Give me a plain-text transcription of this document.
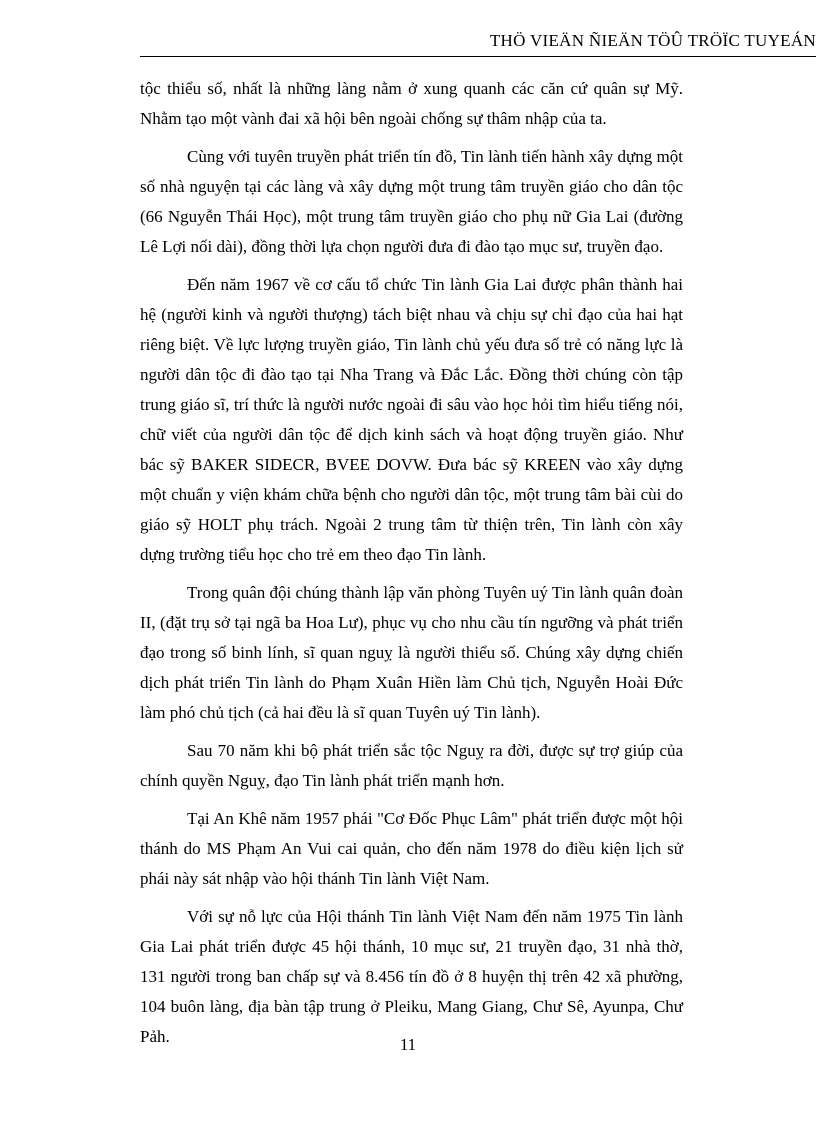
THÖ VIEÄN ÑIEÄN TÖÛ TRÖÏC TUYEÁN

tộc thiểu số, nhất là những làng nằm ở xung quanh các căn cứ quân sự Mỹ. Nhằm tạo một vành đai xã hội bên ngoài chống sự thâm nhập của ta.

Cùng với tuyên truyền phát triển tín đồ, Tin lành tiến hành xây dựng một số nhà nguyện tại các làng và xây dựng một trung tâm truyền giáo cho dân tộc (66 Nguyễn Thái Học), một trung tâm truyền giáo cho phụ nữ Gia Lai (đường Lê Lợi nối dài), đồng thời lựa chọn người đưa đi đào tạo mục sư, truyền đạo.

Đến năm 1967 về cơ cấu tổ chức Tin lành Gia Lai được phân thành hai hệ (người kinh và người thượng) tách biệt nhau và chịu sự chỉ đạo của hai hạt riêng biệt. Về lực lượng truyền giáo, Tin lành chủ yếu đưa số trẻ có năng lực là người dân tộc đi đào tạo tại Nha Trang và Đắc Lắc. Đồng thời chúng còn tập trung giáo sĩ, trí thức là người nước ngoài đi sâu vào học hỏi tìm hiểu tiếng nói, chữ viết của người dân tộc để dịch kinh sách và hoạt động truyền giáo. Như bác sỹ BAKER SIDECR, BVEE DOVW. Đưa bác sỹ KREEN vào xây dựng một chuẩn y viện khám chữa bệnh cho người dân tộc, một trung tâm bài cùi do giáo sỹ HOLT phụ trách. Ngoài 2 trung tâm từ thiện trên, Tin lành còn xây dựng trường tiểu học cho trẻ em theo đạo Tin lành.

Trong quân đội chúng thành lập văn phòng Tuyên uý Tin lành quân đoàn II, (đặt trụ sở tại ngã ba Hoa Lư), phục vụ cho nhu cầu tín ngưỡng và phát triển đạo trong số binh lính, sĩ quan nguỵ là người thiểu số. Chúng xây dựng chiến dịch phát triển Tin lành do Phạm Xuân Hiền làm Chủ tịch, Nguyễn Hoài Đức làm phó chủ tịch (cả hai đều là sĩ quan Tuyên uý Tin lành).

Sau 70 năm khi bộ phát triển sắc tộc Nguỵ ra đời, được sự trợ giúp của chính quyền Nguỵ, đạo Tin lành phát triển mạnh hơn.

Tại An Khê năm 1957 phái "Cơ Đốc Phục Lâm" phát triển được một hội thánh do MS Phạm An Vui cai quản, cho đến năm 1978 do điều kiện lịch sử phái này sát nhập vào hội thánh Tin lành Việt Nam.

Với sự nỗ lực của Hội thánh Tin lành Việt Nam đến năm 1975 Tin lành Gia Lai phát triển được 45 hội thánh, 10 mục sư, 21 truyền đạo, 31 nhà thờ, 131 người trong ban chấp sự và 8.456 tín đồ ở 8 huyện thị trên 42 xã phường, 104 buôn làng, địa bàn tập trung ở Pleiku, Mang Giang, Chư Sê, Ayunpa, Chư Pảh.	11
